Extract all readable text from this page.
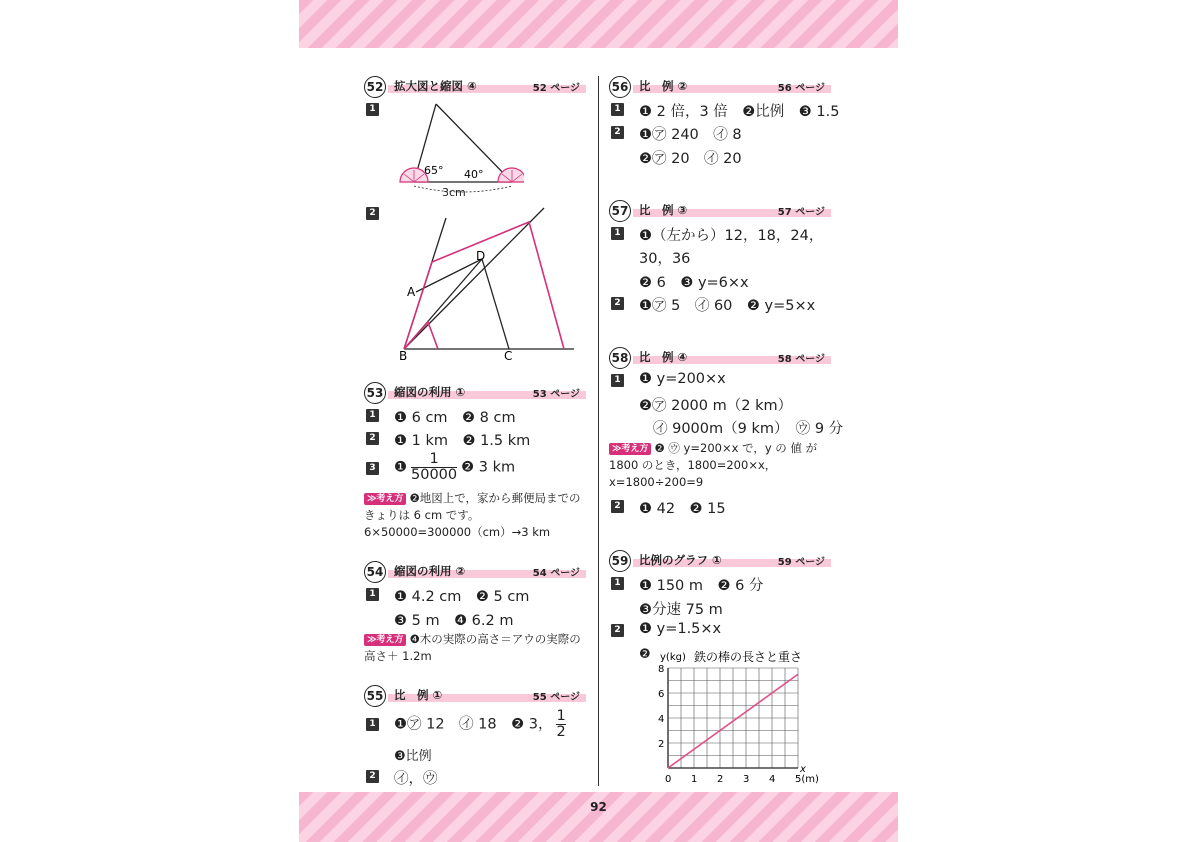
92
52 拡大図と縮図 ④	52 ページ
1
65° 40°
3cm
2
A
B	C
D
53 縮図の利用 ①	53 ページ
1 ❶ 6 cm　❷ 8 cm
2 ❶ 1 km　❷ 1.5 km
3 ❶ $\frac{1}{50000}$ ❷ 3 km
≫考え方 ❷地図上で，家から郵便局までの
きょりは 6 cm です。
6×50000=300000（cm）→3 km
54 縮図の利用 ②	54 ページ
1 ❶ 4.2 cm　❷ 5 cm
❸ 5 m　❹ 6.2 m
≫考え方 ❹木の実際の高さ＝アウの実際の
高さ＋ 1.2m
55 比　例 ①	55 ページ
1 ❶㋐ 12　㋑ 18　❷ 3， $\frac{1}{2}$
❸比例
2 ㋑，㋒
56 比　例 ②	56 ページ
1 ❶ 2 倍，3 倍　❷比例　❸ 1.5
2 ❶㋐ 240　㋑ 8
❷㋐ 20　㋑ 20
57 比　例 ③	57 ページ
1 ❶（左から）12，18，24，
30，36
❷ 6　❸ y=6×x
2 ❶㋐ 5　㋑ 60　❷ y=5×x
58 比　例 ④	58 ページ
1 ❶ y=200×x
❷㋐ 2000 m（2 km）
㋑ 9000m（9 km）　㋒ 9 分
≫考え方 ❷ ㋒ y=200×x で，y の 値 が
1800 のとき，1800=200×x，
x=1800÷200=9
2 ❶ 42　❷ 15
59 比例のグラフ ①	59 ページ
1 ❶ 150 m　❷ 6 分
❸分速 75 m
2 ❶ y=1.5×x
❷ y(kg) 鉄の棒の長さと重さ
0 1 2 3 4 5(m)
2
4
6
8
x
